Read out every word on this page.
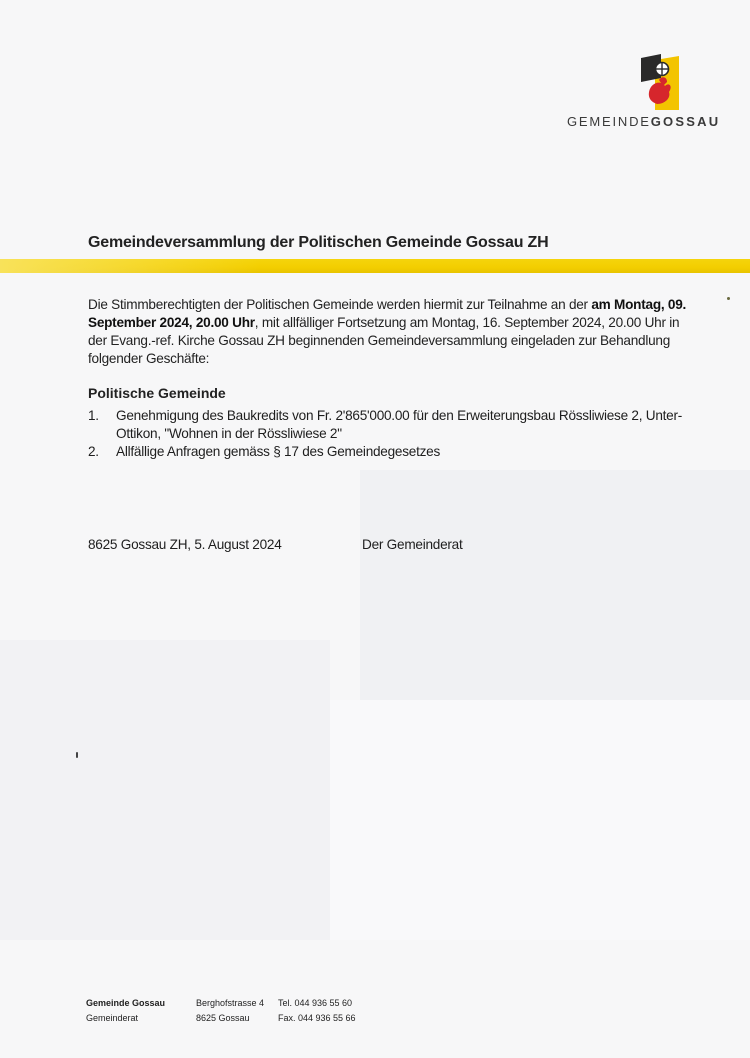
GEMEINDEGOSSAU
Gemeindeversammlung der Politischen Gemeinde Gossau ZH
Die Stimmberechtigten der Politischen Gemeinde werden hiermit zur Teilnahme an der am Montag, 09. September 2024, 20.00 Uhr, mit allfälliger Fortsetzung am Montag, 16. September 2024, 20.00 Uhr in der Evang.-ref. Kirche Gossau ZH beginnenden Gemeindeversammlung eingeladen zur Behandlung folgender Geschäfte:
Politische Gemeinde
1. Genehmigung des Baukredits von Fr. 2'865'000.00 für den Erweiterungsbau Rössliwiese 2, Unter-Ottikon, "Wohnen in der Rössliwiese 2"
2. Allfällige Anfragen gemäss § 17 des Gemeindegesetzes
8625 Gossau ZH, 5. August 2024	Der Gemeinderat
Gemeinde Gossau
Gemeinderat
Berghofstrasse 4
8625 Gossau
Tel. 044 936 55 60
Fax. 044 936 55 66
